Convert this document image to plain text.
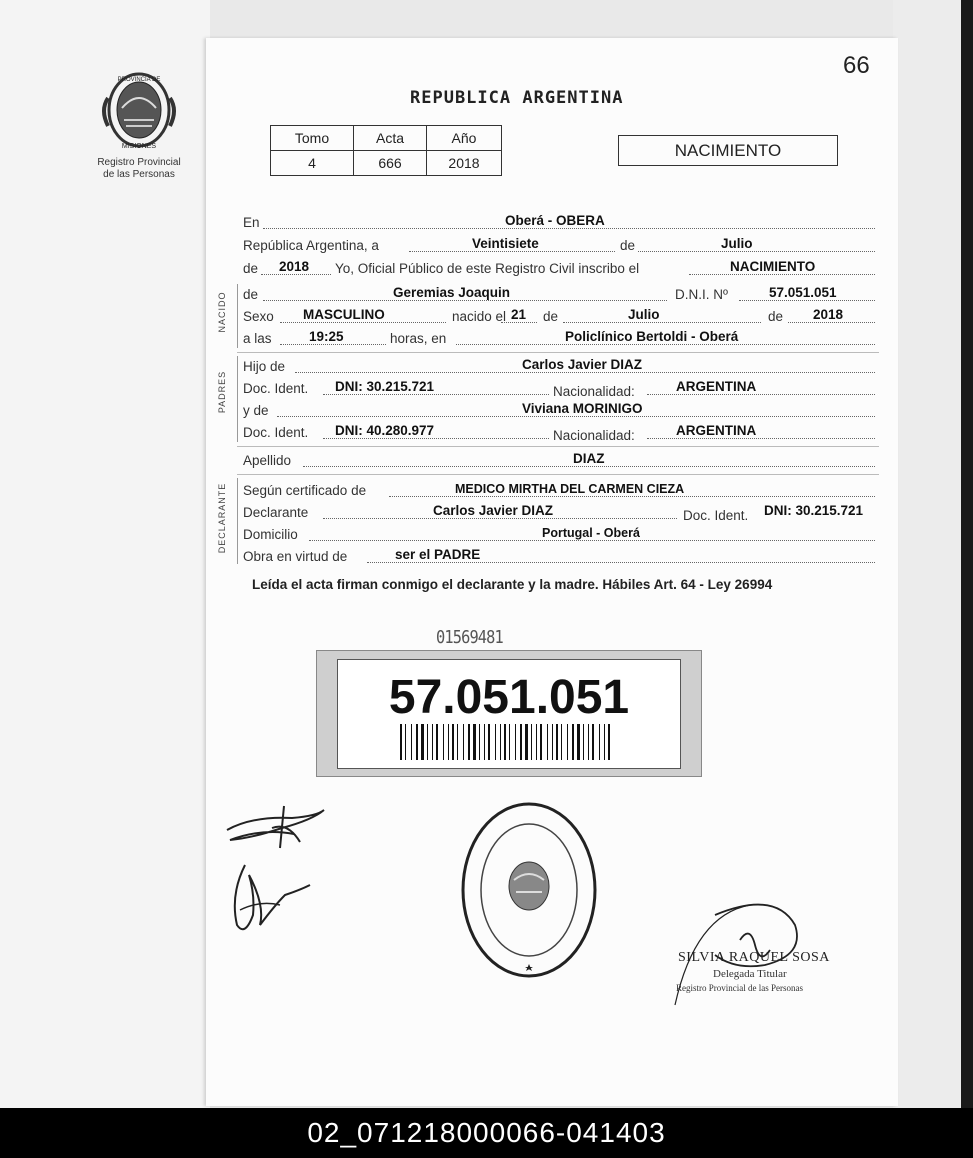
PROVINCIA DE
MISIONES
Registro Provincial
de las Personas
66
REPUBLICA ARGENTINA
Tomo	Acta	Año
4	666	2018
NACIMIENTO
En	Oberá - OBERA
República Argentina, a	Veintisiete	de	Julio
de 2018 Yo, Oficial Público de este Registro Civil inscribo el	NACIMIENTO
NACIDO de	Geremias Joaquin	D.N.I. Nº	57.051.051
Sexo MASCULINO	nacido el 21 de	Julio	de 2018
a las	19:25	horas, en	Policlínico Bertoldi - Oberá
PADRES
Hijo de	Carlos Javier DIAZ
Doc. Ident. DNI: 30.215.721	Nacionalidad:	ARGENTINA
y de	Viviana MORINIGO
Doc. Ident. DNI: 40.280.977	Nacionalidad:	ARGENTINA
Apellido	DIAZ
DECLARANTE Según certificado de	MEDICO MIRTHA DEL CARMEN CIEZA
Declarante	Carlos Javier DIAZ	Doc. Ident. DNI: 30.215.721
Domicilio	Portugal - Oberá
Obra en virtud de	ser el PADRE
Leída el acta firman conmigo el declarante y la madre. Hábiles Art. 64 - Ley 26994
01569481
57.051.051
SILVIA RAQUEL SOSA
Delegada Titular
Registro Provincial de las Personas
02_071218000066-041403
